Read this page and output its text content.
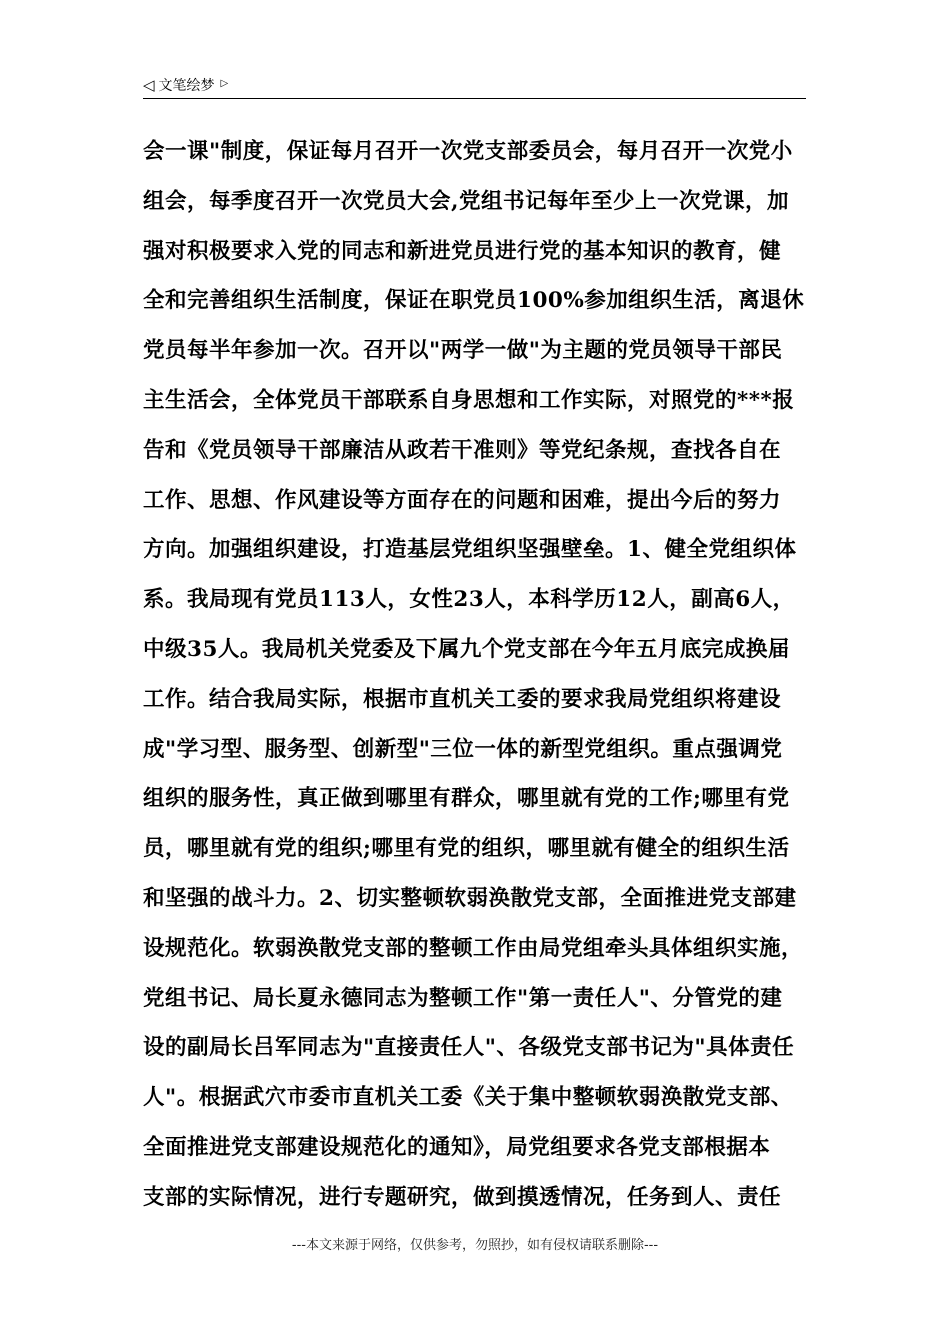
◁ 文笔绘梦 ▷
会一课"制度，保证每月召开一次党支部委员会，每月召开一次党小
组会，每季度召开一次党员大会,党组书记每年至少上一次党课，加
强对积极要求入党的同志和新进党员进行党的基本知识的教育，健
全和完善组织生活制度，保证在职党员100%参加组织生活，离退休
党员每半年参加一次。召开以"两学一做"为主题的党员领导干部民
主生活会，全体党员干部联系自身思想和工作实际，对照党的***报
告和《党员领导干部廉洁从政若干准则》等党纪条规，查找各自在
工作、思想、作风建设等方面存在的问题和困难，提出今后的努力
方向。加强组织建设，打造基层党组织坚强壁垒。1、健全党组织体
系。我局现有党员113人，女性23人，本科学历12人，副高6人，
中级35人。我局机关党委及下属九个党支部在今年五月底完成换届
工作。结合我局实际，根据市直机关工委的要求我局党组织将建设
成"学习型、服务型、创新型"三位一体的新型党组织。重点强调党
组织的服务性，真正做到哪里有群众，哪里就有党的工作;哪里有党
员，哪里就有党的组织;哪里有党的组织，哪里就有健全的组织生活
和坚强的战斗力。2、切实整顿软弱涣散党支部，全面推进党支部建
设规范化。软弱涣散党支部的整顿工作由局党组牵头具体组织实施，
党组书记、局长夏永德同志为整顿工作"第一责任人"、分管党的建
设的副局长吕军同志为"直接责任人"、各级党支部书记为"具体责任
人"。根据武穴市委市直机关工委《关于集中整顿软弱涣散党支部、
全面推进党支部建设规范化的通知》，局党组要求各党支部根据本
支部的实际情况，进行专题研究，做到摸透情况，任务到人、责任
---本文来源于网络，仅供参考，勿照抄，如有侵权请联系删除---
